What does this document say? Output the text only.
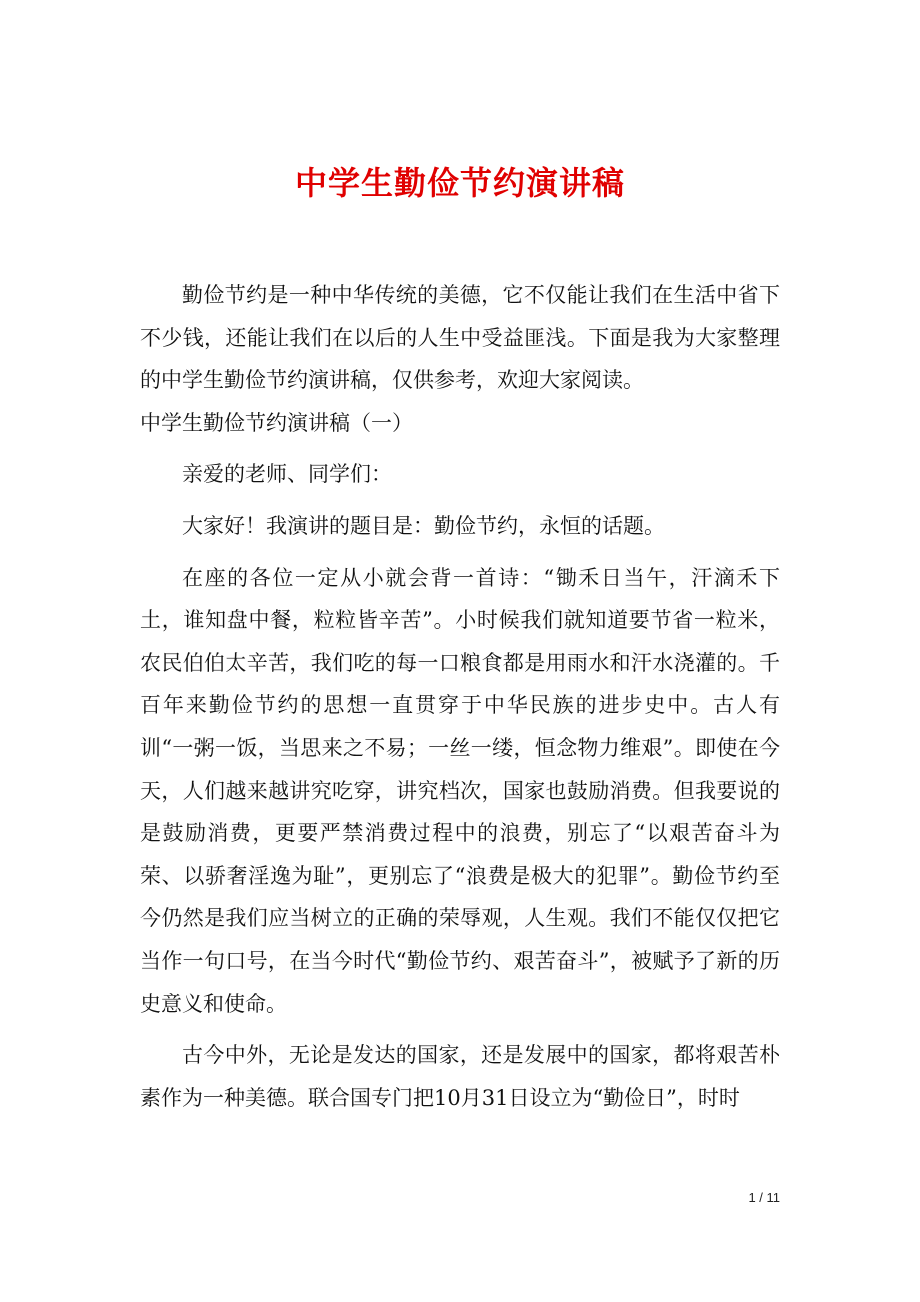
中学生勤俭节约演讲稿

勤俭节约是一种中华传统的美德，它不仅能让我们在生活中省下不少钱，还能让我们在以后的人生中受益匪浅。下面是我为大家整理的中学生勤俭节约演讲稿，仅供参考，欢迎大家阅读。

中学生勤俭节约演讲稿（一）

亲爱的老师、同学们：

大家好！我演讲的题目是：勤俭节约，永恒的话题。

在座的各位一定从小就会背一首诗：“锄禾日当午，汗滴禾下土，谁知盘中餐，粒粒皆辛苦”。小时候我们就知道要节省一粒米，农民伯伯太辛苦，我们吃的每一口粮食都是用雨水和汗水浇灌的。千百年来勤俭节约的思想一直贯穿于中华民族的进步史中。古人有训“一粥一饭，当思来之不易；一丝一缕，恒念物力维艰”。即使在今天，人们越来越讲究吃穿，讲究档次，国家也鼓励消费。但我要说的是鼓励消费，更要严禁消费过程中的浪费，别忘了“以艰苦奋斗为荣、以骄奢淫逸为耻”，更别忘了“浪费是极大的犯罪”。勤俭节约至今仍然是我们应当树立的正确的荣辱观，人生观。我们不能仅仅把它当作一句口号，在当今时代“勤俭节约、艰苦奋斗”，被赋予了新的历史意义和使命。

古今中外，无论是发达的国家，还是发展中的国家，都将艰苦朴素作为一种美德。联合国专门把10月31日设立为“勤俭日”，时时

1 / 11
